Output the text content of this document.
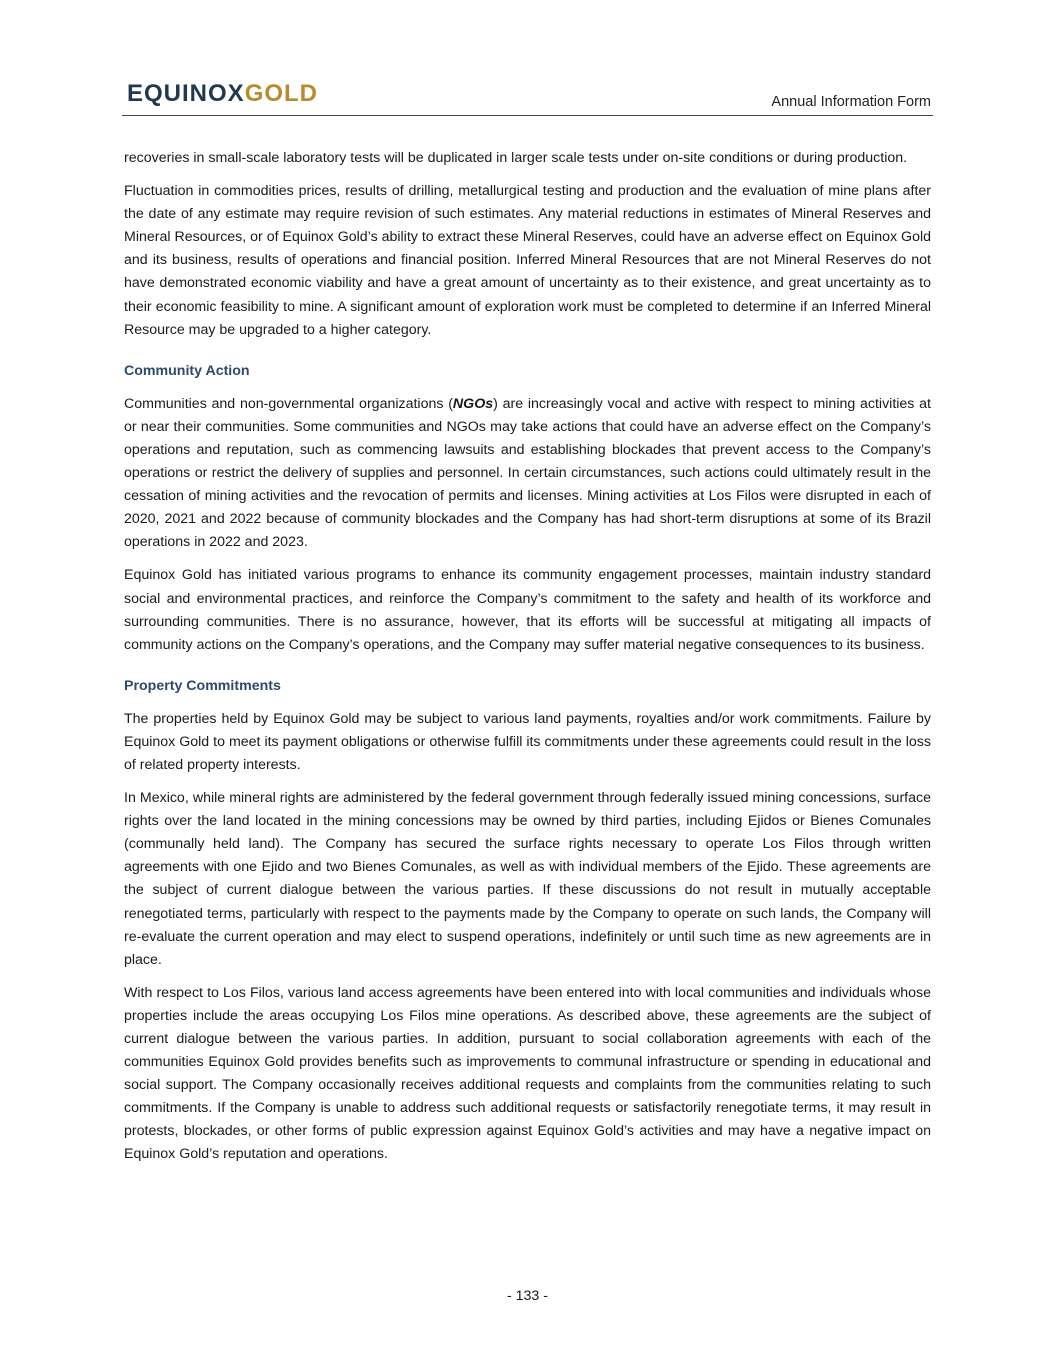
EQUINOXGOLD	Annual Information Form

recoveries in small-scale laboratory tests will be duplicated in larger scale tests under on-site conditions or during production.

Fluctuation in commodities prices, results of drilling, metallurgical testing and production and the evaluation of mine plans after the date of any estimate may require revision of such estimates. Any material reductions in estimates of Mineral Reserves and Mineral Resources, or of Equinox Gold’s ability to extract these Mineral Reserves, could have an adverse effect on Equinox Gold and its business, results of operations and financial position. Inferred Mineral Resources that are not Mineral Reserves do not have demonstrated economic viability and have a great amount of uncertainty as to their existence, and great uncertainty as to their economic feasibility to mine. A significant amount of exploration work must be completed to determine if an Inferred Mineral Resource may be upgraded to a higher category.

Community Action

Communities and non-governmental organizations (NGOs) are increasingly vocal and active with respect to mining activities at or near their communities. Some communities and NGOs may take actions that could have an adverse effect on the Company’s operations and reputation, such as commencing lawsuits and establishing blockades that prevent access to the Company’s operations or restrict the delivery of supplies and personnel. In certain circumstances, such actions could ultimately result in the cessation of mining activities and the revocation of permits and licenses. Mining activities at Los Filos were disrupted in each of 2020, 2021 and 2022 because of community blockades and the Company has had short-term disruptions at some of its Brazil operations in 2022 and 2023.

Equinox Gold has initiated various programs to enhance its community engagement processes, maintain industry standard social and environmental practices, and reinforce the Company’s commitment to the safety and health of its workforce and surrounding communities. There is no assurance, however, that its efforts will be successful at mitigating all impacts of community actions on the Company’s operations, and the Company may suffer material negative consequences to its business.

Property Commitments

The properties held by Equinox Gold may be subject to various land payments, royalties and/or work commitments. Failure by Equinox Gold to meet its payment obligations or otherwise fulfill its commitments under these agreements could result in the loss of related property interests.

In Mexico, while mineral rights are administered by the federal government through federally issued mining concessions, surface rights over the land located in the mining concessions may be owned by third parties, including Ejidos or Bienes Comunales (communally held land). The Company has secured the surface rights necessary to operate Los Filos through written agreements with one Ejido and two Bienes Comunales, as well as with individual members of the Ejido. These agreements are the subject of current dialogue between the various parties. If these discussions do not result in mutually acceptable renegotiated terms, particularly with respect to the payments made by the Company to operate on such lands, the Company will re-evaluate the current operation and may elect to suspend operations, indefinitely or until such time as new agreements are in place.

With respect to Los Filos, various land access agreements have been entered into with local communities and individuals whose properties include the areas occupying Los Filos mine operations. As described above, these agreements are the subject of current dialogue between the various parties. In addition, pursuant to social collaboration agreements with each of the communities Equinox Gold provides benefits such as improvements to communal infrastructure or spending in educational and social support. The Company occasionally receives additional requests and complaints from the communities relating to such commitments. If the Company is unable to address such additional requests or satisfactorily renegotiate terms, it may result in protests, blockades, or other forms of public expression against Equinox Gold’s activities and may have a negative impact on Equinox Gold’s reputation and operations.

- 133 -
